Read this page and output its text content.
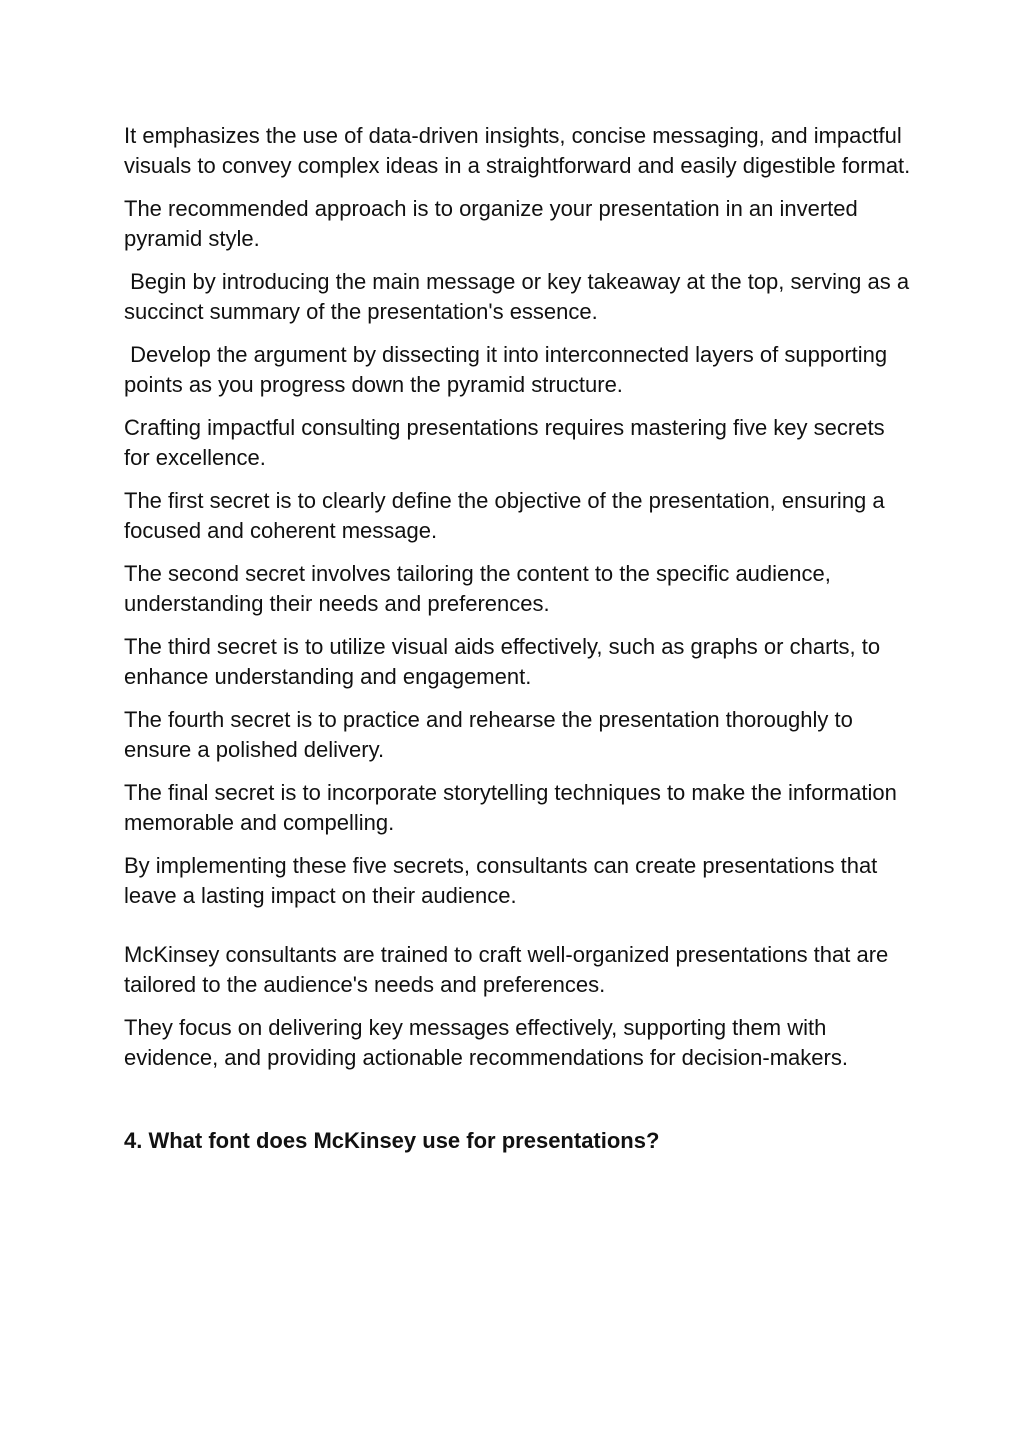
It emphasizes the use of data-driven insights, concise messaging, and impactful visuals to convey complex ideas in a straightforward and easily digestible format.

The recommended approach is to organize your presentation in an inverted pyramid style.

Begin by introducing the main message or key takeaway at the top, serving as a succinct summary of the presentation's essence.

Develop the argument by dissecting it into interconnected layers of supporting points as you progress down the pyramid structure.

Crafting impactful consulting presentations requires mastering five key secrets for excellence.

The first secret is to clearly define the objective of the presentation, ensuring a focused and coherent message.

The second secret involves tailoring the content to the specific audience, understanding their needs and preferences.

The third secret is to utilize visual aids effectively, such as graphs or charts, to enhance understanding and engagement.

The fourth secret is to practice and rehearse the presentation thoroughly to ensure a polished delivery.

The final secret is to incorporate storytelling techniques to make the information memorable and compelling.

By implementing these five secrets, consultants can create presentations that leave a lasting impact on their audience.

McKinsey consultants are trained to craft well-organized presentations that are tailored to the audience's needs and preferences.

They focus on delivering key messages effectively, supporting them with evidence, and providing actionable recommendations for decision-makers.

4. What font does McKinsey use for presentations?
